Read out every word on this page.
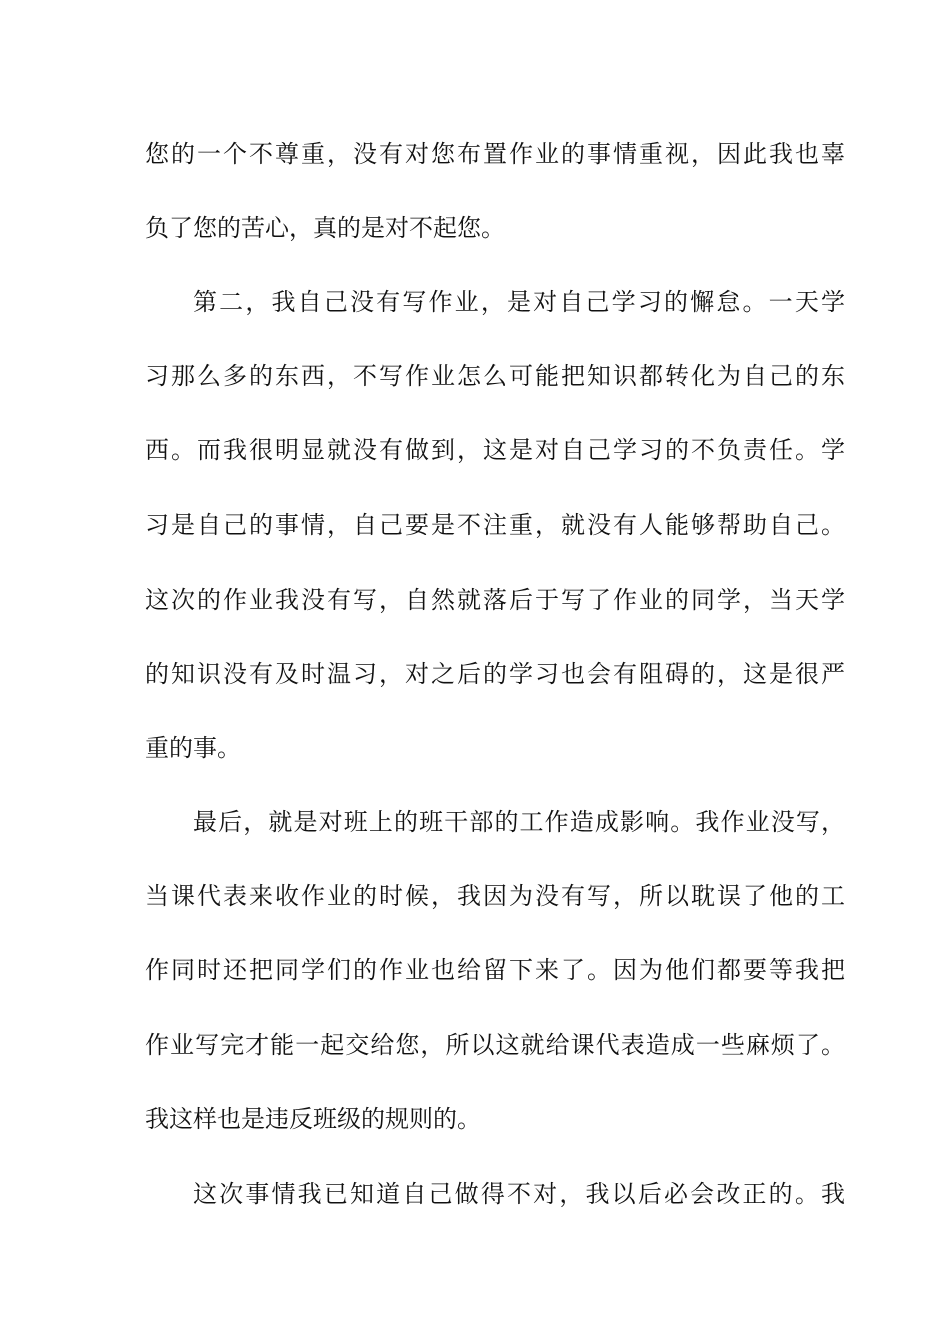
您的一个不尊重，没有对您布置作业的事情重视，因此我也辜
负了您的苦心，真的是对不起您。
第二，我自己没有写作业，是对自己学习的懈怠。一天学
习那么多的东西，不写作业怎么可能把知识都转化为自己的东
西。而我很明显就没有做到，这是对自己学习的不负责任。学
习是自己的事情，自己要是不注重，就没有人能够帮助自己。
这次的作业我没有写，自然就落后于写了作业的同学，当天学
的知识没有及时温习，对之后的学习也会有阻碍的，这是很严
重的事。
最后，就是对班上的班干部的工作造成影响。我作业没写，
当课代表来收作业的时候，我因为没有写，所以耽误了他的工
作同时还把同学们的作业也给留下来了。因为他们都要等我把
作业写完才能一起交给您，所以这就给课代表造成一些麻烦了。
我这样也是违反班级的规则的。
这次事情我已知道自己做得不对，我以后必会改正的。我
